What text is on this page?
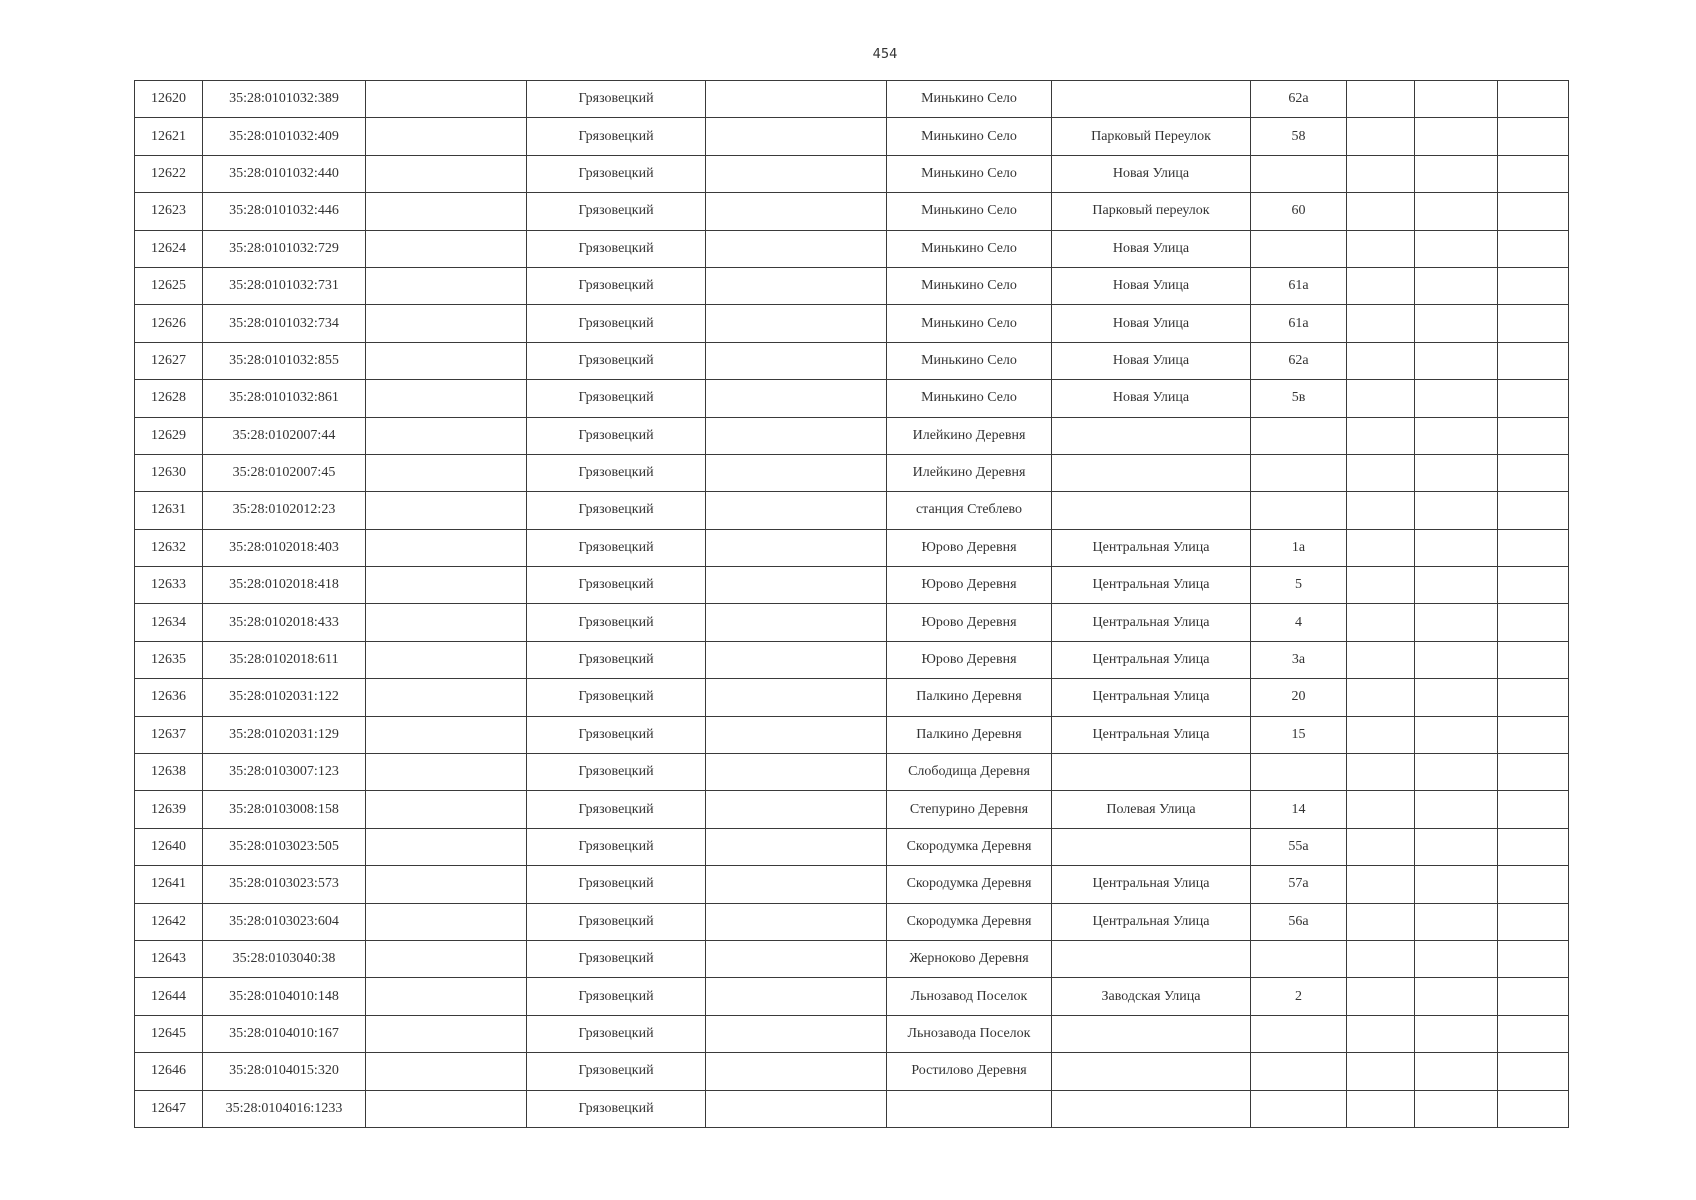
454
12620	35:28:0101032:389		Грязовецкий		Минькино Село		62а			
12621	35:28:0101032:409		Грязовецкий		Минькино Село	Парковый Переулок	58			
12622	35:28:0101032:440		Грязовецкий		Минькино Село	Новая Улица				
12623	35:28:0101032:446		Грязовецкий		Минькино Село	Парковый переулок	60			
12624	35:28:0101032:729		Грязовецкий		Минькино Село	Новая Улица				
12625	35:28:0101032:731		Грязовецкий		Минькино Село	Новая Улица	61а			
12626	35:28:0101032:734		Грязовецкий		Минькино Село	Новая Улица	61а			
12627	35:28:0101032:855		Грязовецкий		Минькино Село	Новая Улица	62а			
12628	35:28:0101032:861		Грязовецкий		Минькино Село	Новая Улица	5в			
12629	35:28:0102007:44		Грязовецкий		Илейкино Деревня					
12630	35:28:0102007:45		Грязовецкий		Илейкино Деревня					
12631	35:28:0102012:23		Грязовецкий		станция Стеблево					
12632	35:28:0102018:403		Грязовецкий		Юрово Деревня	Центральная Улица	1а			
12633	35:28:0102018:418		Грязовецкий		Юрово Деревня	Центральная Улица	5			
12634	35:28:0102018:433		Грязовецкий		Юрово Деревня	Центральная Улица	4			
12635	35:28:0102018:611		Грязовецкий		Юрово Деревня	Центральная Улица	3а			
12636	35:28:0102031:122		Грязовецкий		Палкино Деревня	Центральная Улица	20			
12637	35:28:0102031:129		Грязовецкий		Палкино Деревня	Центральная Улица	15			
12638	35:28:0103007:123		Грязовецкий		Слободища Деревня					
12639	35:28:0103008:158		Грязовецкий		Степурино Деревня	Полевая Улица	14			
12640	35:28:0103023:505		Грязовецкий		Скородумка Деревня		55а			
12641	35:28:0103023:573		Грязовецкий		Скородумка Деревня	Центральная Улица	57а			
12642	35:28:0103023:604		Грязовецкий		Скородумка Деревня	Центральная Улица	56а			
12643	35:28:0103040:38		Грязовецкий		Жерноково Деревня					
12644	35:28:0104010:148		Грязовецкий		Льнозавод Поселок	Заводская Улица	2			
12645	35:28:0104010:167		Грязовецкий		Льнозавода Поселок					
12646	35:28:0104015:320		Грязовецкий		Ростилово Деревня					
12647	35:28:0104016:1233		Грязовецкий							
